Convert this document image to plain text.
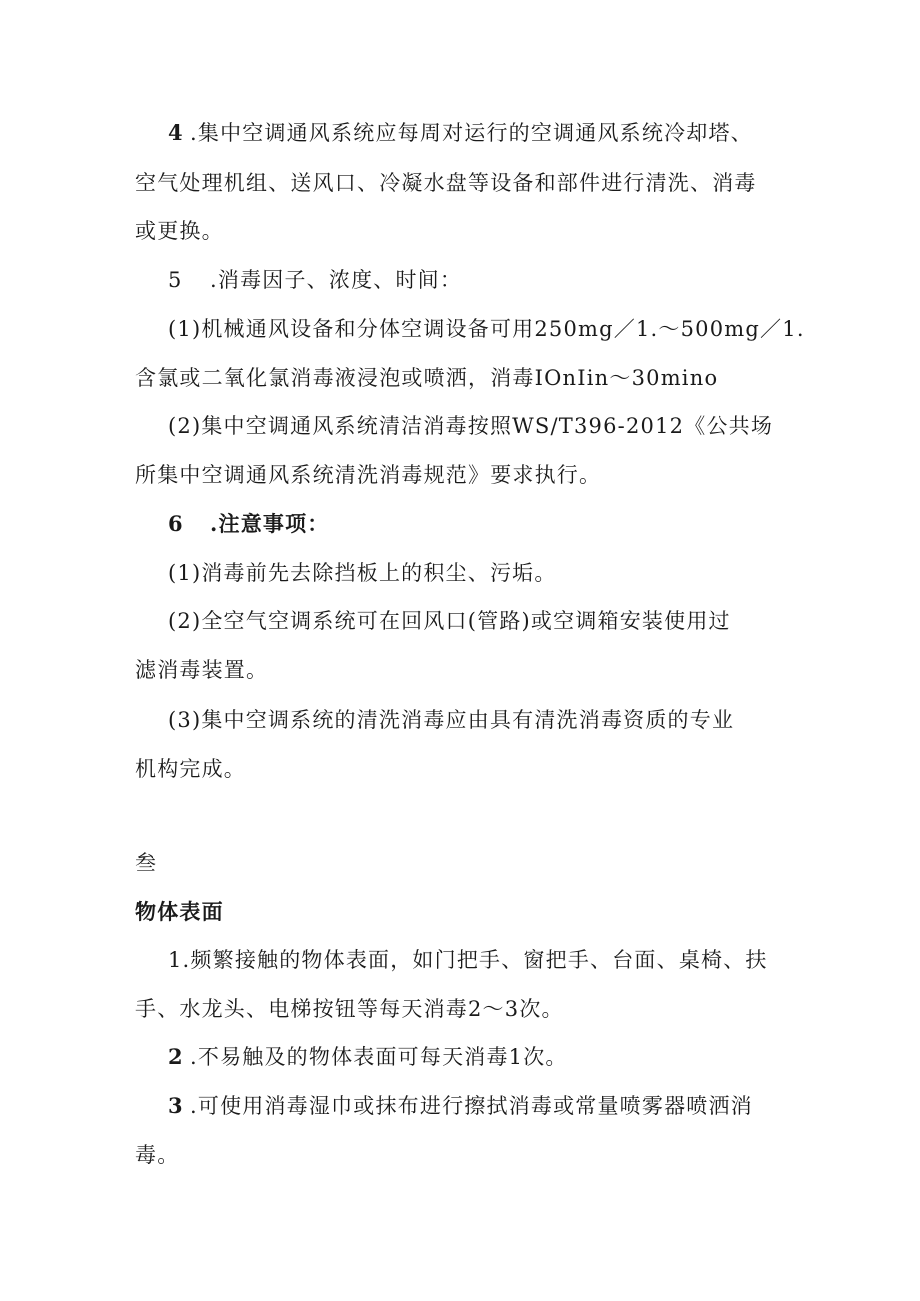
4 .集中空调通风系统应每周对运行的空调通风系统冷却塔、
空气处理机组、送风口、冷凝水盘等设备和部件进行清洗、消毒
或更换。
5 .消毒因子、浓度、时间：
(1)机械通风设备和分体空调设备可用250mg／1.～500mg／1.
含氯或二氧化氯消毒液浸泡或喷洒，消毒IOnIin～30mino
(2)集中空调通风系统清洁消毒按照WS/T396-2012《公共场
所集中空调通风系统清洗消毒规范》要求执行。
6 .注意事项：
(1)消毒前先去除挡板上的积尘、污垢。
(2)全空气空调系统可在回风口(管路)或空调箱安装使用过
滤消毒装置。
(3)集中空调系统的清洗消毒应由具有清洗消毒资质的专业
机构完成。
叁
物体表面
1.频繁接触的物体表面，如门把手、窗把手、台面、桌椅、扶
手、水龙头、电梯按钮等每天消毒2～3次。
2 .不易触及的物体表面可每天消毒1次。
3 .可使用消毒湿巾或抹布进行擦拭消毒或常量喷雾器喷洒消
毒。
